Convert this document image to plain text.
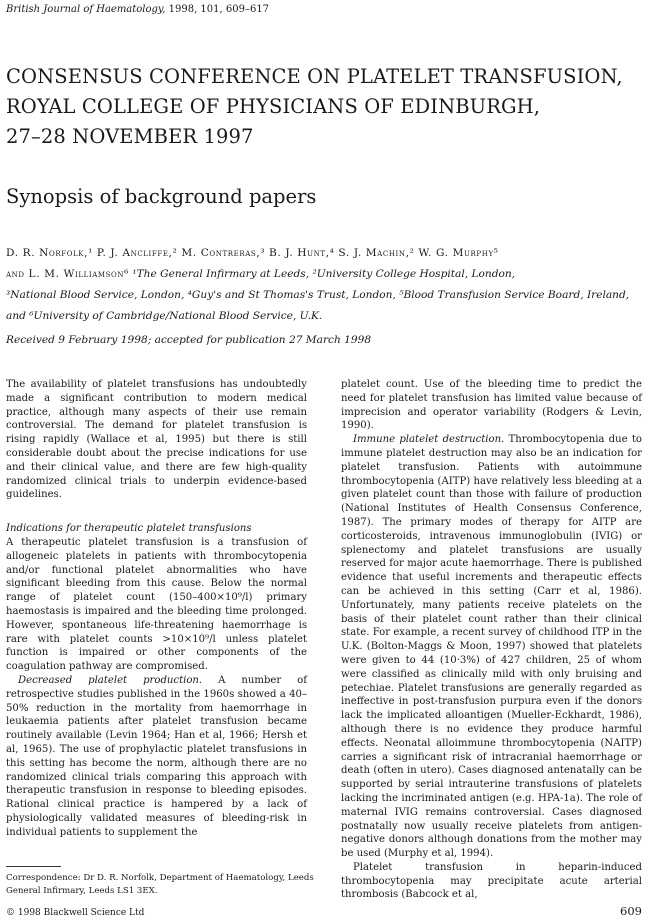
British Journal of Haematology, 1998, 101, 609–617
CONSENSUS CONFERENCE ON PLATELET TRANSFUSION,
ROYAL COLLEGE OF PHYSICIANS OF EDINBURGH,
27–28 NOVEMBER 1997
Synopsis of background papers
D. R. Norfolk,¹ P. J. Ancliffe,² M. Contreras,³ B. J. Hunt,⁴ S. J. Machin,² W. G. Murphy⁵
and L. M. Williamson⁶ ¹The General Infirmary at Leeds, ²University College Hospital, London,
³National Blood Service, London, ⁴Guy's and St Thomas's Trust, London, ⁵Blood Transfusion Service Board, Ireland,
and ⁶University of Cambridge/National Blood Service, U.K.
Received 9 February 1998; accepted for publication 27 March 1998

The availability of platelet transfusions has undoubtedly made a significant contribution to modern medical practice, although many aspects of their use remain controversial. The demand for platelet transfusion is rising rapidly (Wallace et al, 1995) but there is still considerable doubt about the precise indications for use and their clinical value, and there are few high-quality randomized clinical trials to underpin evidence-based guidelines.

Indications for therapeutic platelet transfusions

A therapeutic platelet transfusion is a transfusion of allogeneic platelets in patients with thrombocytopenia and/or functional platelet abnormalities who have significant bleeding from this cause. Below the normal range of platelet count (150–400×10⁹/l) primary haemostasis is impaired and the bleeding time prolonged. However, spontaneous life-threatening haemorrhage is rare with platelet counts >10×10⁹/l unless platelet function is impaired or other components of the coagulation pathway are compromised.

Decreased platelet production. A number of retrospective studies published in the 1960s showed a 40–50% reduction in the mortality from haemorrhage in leukaemia patients after platelet transfusion became routinely available (Levin 1964; Han et al, 1966; Hersh et al, 1965). The use of prophylactic platelet transfusions in this setting has become the norm, although there are no randomized clinical trials comparing this approach with therapeutic transfusion in response to bleeding episodes. Rational clinical practice is hampered by a lack of physiologically validated measures of bleeding-risk in individual patients to supplement the

platelet count. Use of the bleeding time to predict the need for platelet transfusion has limited value because of imprecision and operator variability (Rodgers & Levin, 1990).

Immune platelet destruction. Thrombocytopenia due to immune platelet destruction may also be an indication for platelet transfusion. Patients with autoimmune thrombocytopenia (AITP) have relatively less bleeding at a given platelet count than those with failure of production (National Institutes of Health Consensus Conference, 1987). The primary modes of therapy for AITP are corticosteroids, intravenous immunoglobulin (IVIG) or splenectomy and platelet transfusions are usually reserved for major acute haemorrhage. There is published evidence that useful increments and therapeutic effects can be achieved in this setting (Carr et al, 1986). Unfortunately, many patients receive platelets on the basis of their platelet count rather than their clinical state. For example, a recent survey of childhood ITP in the U.K. (Bolton-Maggs & Moon, 1997) showed that platelets were given to 44 (10·3%) of 427 children, 25 of whom were classified as clinically mild with only bruising and petechiae. Platelet transfusions are generally regarded as ineffective in post-transfusion purpura even if the donors lack the implicated alloantigen (Mueller-Eckhardt, 1986), although there is no evidence they produce harmful effects. Neonatal alloimmune thrombocytopenia (NAITP) carries a significant risk of intracranial haemorrhage or death (often in utero). Cases diagnosed antenatally can be supported by serial intrauterine transfusions of platelets lacking the incriminated antigen (e.g. HPA-1a). The role of maternal IVIG remains controversial. Cases diagnosed postnatally now usually receive platelets from antigen-negative donors although donations from the mother may be used (Murphy et al, 1994).

Platelet transfusion in heparin-induced thrombocytopenia may precipitate acute arterial thrombosis (Babcock et al,

Correspondence: Dr D. R. Norfolk, Department of Haematology, Leeds General Infirmary, Leeds LS1 3EX.
© 1998 Blackwell Science Ltd	609
